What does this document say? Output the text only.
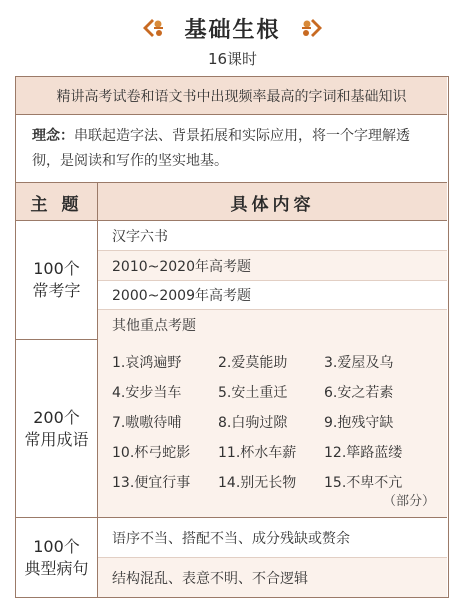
基础生根
16课时
精讲高考试卷和语文书中出现频率最高的字词和基础知识
理念：串联起造字法、背景拓展和实际应用，将一个字理解透彻，是阅读和写作的坚实地基。
主 题	具体内容
100个
常考字
汉字六书
2010~2020年高考题
2000~2009年高考题
其他重点考题
200个
常用成语
1.哀鸿遍野	2.爱莫能助	3.爱屋及乌
4.安步当车	5.安土重迁	6.安之若素
7.嗷嗷待哺	8.白驹过隙	9.抱残守缺
10.杯弓蛇影	11.杯水车薪	12.筚路蓝缕
13.便宜行事	14.别无长物	15.不卑不亢
（部分）
100个
典型病句
语序不当、搭配不当、成分残缺或赘余
结构混乱、表意不明、不合逻辑
